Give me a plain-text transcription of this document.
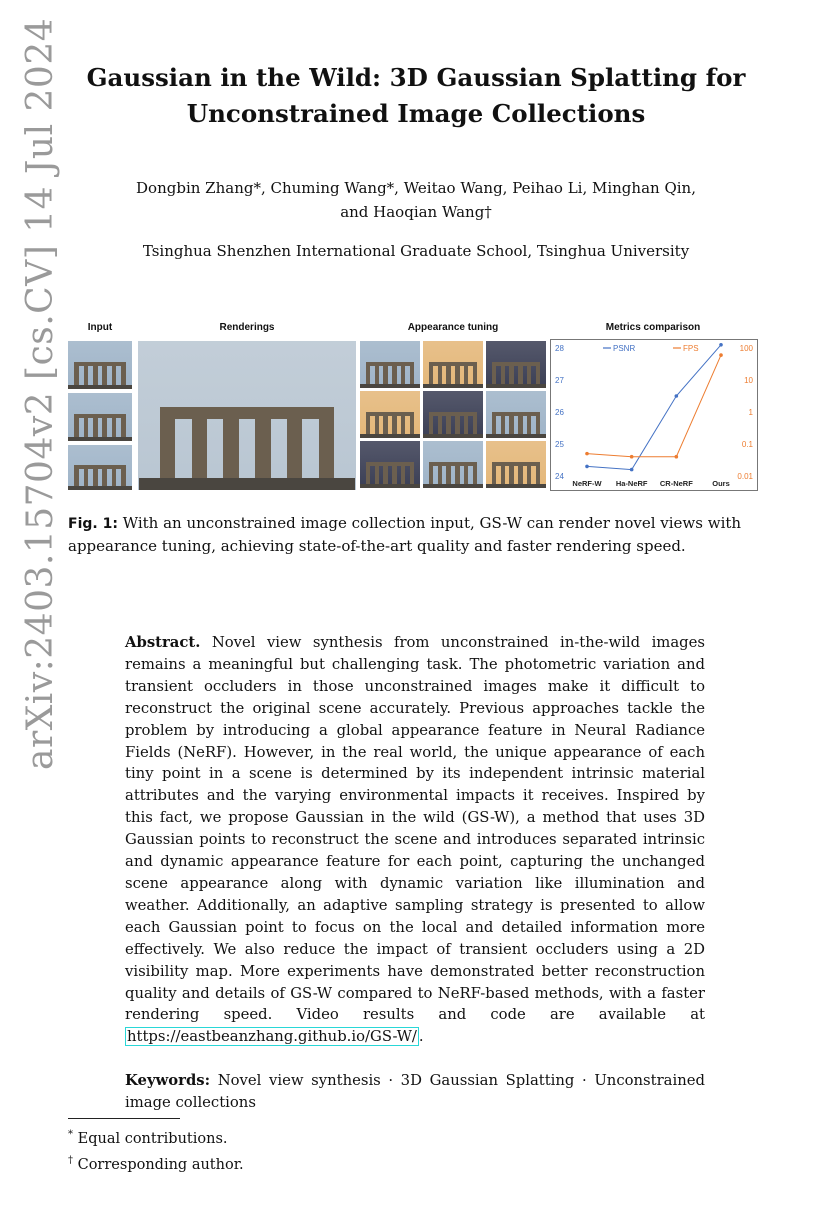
arXiv:2403.15704v2 [cs.CV] 14 Jul 2024	Gaussian in the Wild: 3D Gaussian Splatting for Unconstrained Image Collections
Dongbin Zhang*, Chuming Wang*, Weitao Wang, Peihao Li, Minghan Qin,
and Haoqian Wang†
Tsinghua Shenzhen International Graduate School, Tsinghua University
Input	Renderings	Appearance tuning	Metrics comparison
28
27
26
25
24
100
10
1
0.1
0.01
NeRF-W Ha-NeRF CR-NeRF	Ours
PSNR	FPS
Fig. 1: With an unconstrained image collection input, GS-W can render novel views with appearance tuning, achieving state-of-the-art quality and faster rendering speed.
Abstract. Novel view synthesis from unconstrained in-the-wild images remains a meaningful but challenging task. The photometric variation and transient occluders in those unconstrained images make it difficult to reconstruct the original scene accurately. Previous approaches tackle the problem by introducing a global appearance feature in Neural Radiance Fields (NeRF). However, in the real world, the unique appearance of each tiny point in a scene is determined by its independent intrinsic material attributes and the varying environmental impacts it receives. Inspired by this fact, we propose Gaussian in the wild (GS-W), a method that uses 3D Gaussian points to reconstruct the scene and introduces separated intrinsic and dynamic appearance feature for each point, capturing the unchanged scene appearance along with dynamic variation like illumination and weather. Additionally, an adaptive sampling strategy is presented to allow each Gaussian point to focus on the local and detailed information more effectively. We also reduce the impact of transient occluders using a 2D visibility map. More experiments have demonstrated better reconstruction quality and details of GS-W compared to NeRF-based methods, with a faster rendering speed. Video results and code are available at https://eastbeanzhang.github.io/GS-W/ .
Keywords: Novel view synthesis · 3D Gaussian Splatting · Unconstrained image collections
* Equal contributions.
† Corresponding author.
